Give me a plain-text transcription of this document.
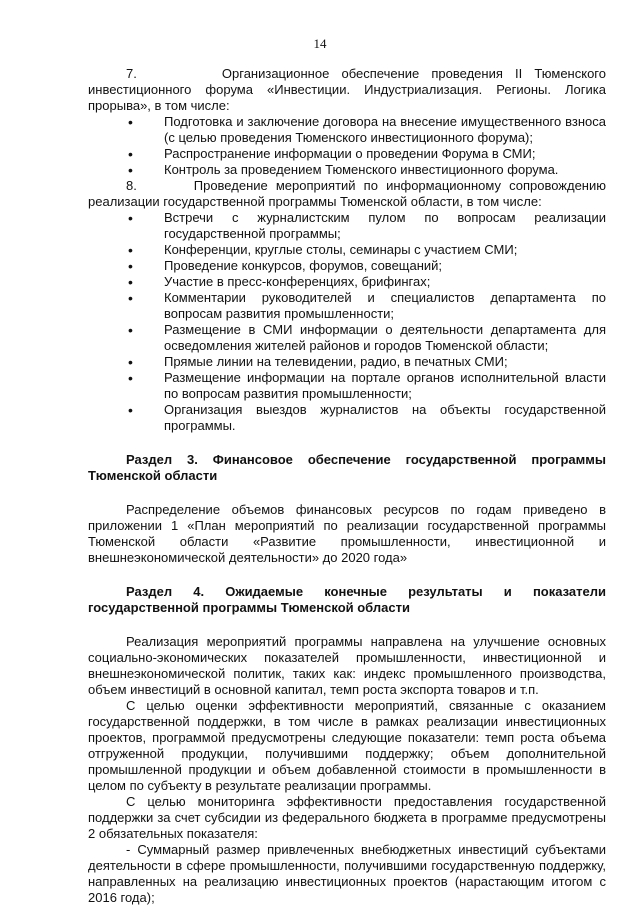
14

7.       Организационное обеспечение проведения II Тюменского инвестиционного форума «Инвестиции. Индустриализация. Регионы. Логика прорыва», в том числе:

• Подготовка и заключение договора на внесение имущественного взноса (с целью проведения Тюменского инвестиционного форума);

• Распространение информации о проведении Форума в СМИ;

• Контроль за проведением Тюменского инвестиционного форума.

8.       Проведение мероприятий по информационному сопровождению реализации государственной программы Тюменской области, в том числе:

• Встречи с журналистским пулом по вопросам реализации государственной программы;

• Конференции, круглые столы, семинары с участием СМИ;

• Проведение конкурсов, форумов, совещаний;

• Участие в пресс-конференциях, брифингах;

• Комментарии руководителей и специалистов департамента по вопросам развития промышленности;

• Размещение в СМИ информации о деятельности департамента для осведомления жителей районов и городов Тюменской области;

• Прямые линии на телевидении, радио, в печатных СМИ;

• Размещение информации на портале органов исполнительной власти по вопросам развития промышленности;

• Организация выездов журналистов на объекты государственной программы.

Раздел 3. Финансовое обеспечение государственной программы Тюменской области

Распределение объемов финансовых ресурсов по годам приведено в приложении 1 «План мероприятий по реализации государственной программы Тюменской области «Развитие промышленности, инвестиционной и внешнеэкономической деятельности» до 2020 года»

Раздел 4. Ожидаемые конечные результаты и показатели государственной программы Тюменской области

Реализация мероприятий программы направлена на улучшение основных социально-экономических показателей промышленности, инвестиционной и внешнеэкономической политик, таких как: индекс промышленного производства, объем инвестиций в основной капитал, темп роста экспорта товаров и т.п.

С целью оценки эффективности мероприятий, связанные с оказанием государственной поддержки, в том числе в рамках реализации инвестиционных проектов, программой предусмотрены следующие показатели: темп роста объема отгруженной продукции, получившими поддержку; объем дополнительной промышленной продукции и объем добавленной стоимости в промышленности в целом по субъекту в результате реализации программы.

С целью мониторинга эффективности предоставления государственной поддержки за счет субсидии из федерального бюджета в программе предусмотрены 2 обязательных показателя:

- Суммарный размер привлеченных внебюджетных инвестиций субъектами деятельности в сфере промышленности, получившими государственную поддержку, направленных на реализацию инвестиционных проектов (нарастающим итогом с 2016 года);
